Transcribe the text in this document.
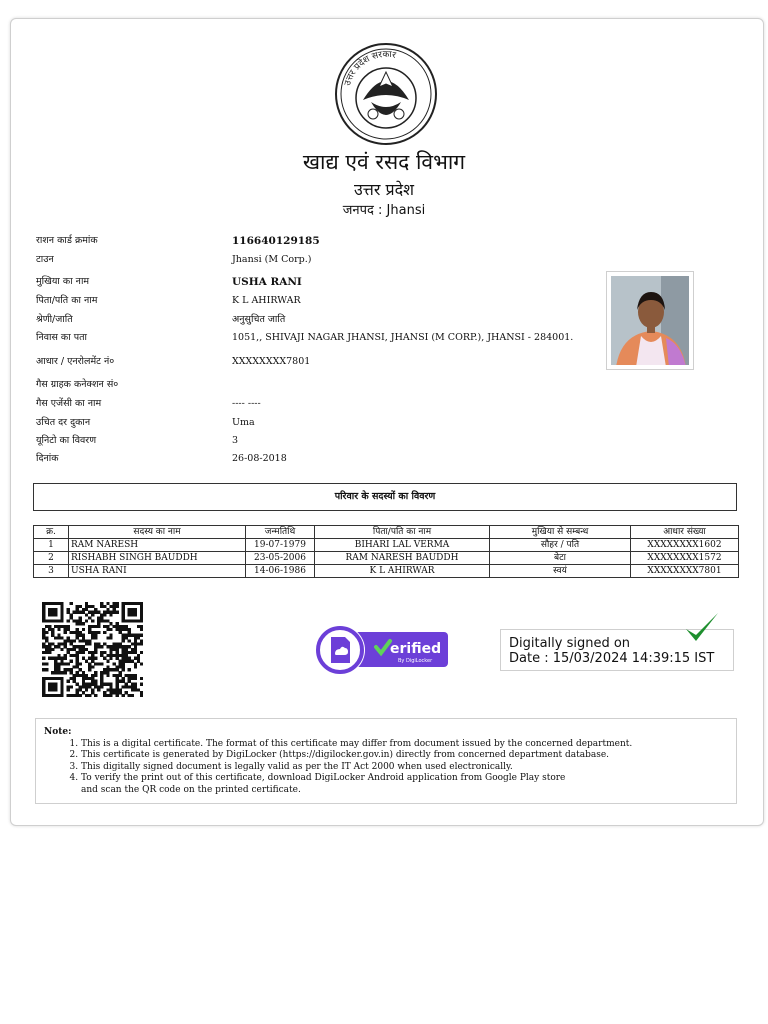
उत्तर प्रदेश सरकार
खाद्य एवं रसद विभाग
उत्तर प्रदेश
जनपद : Jhansi
राशन कार्ड क्रमांक	116640129185
टाउन	Jhansi (M Corp.)
मुखिया का नाम	USHA RANI
पिता/पति का नाम	K L AHIRWAR
श्रेणी/जाति	अनुसुचित जाति
निवास का पता	1051,, SHIVAJI NAGAR JHANSI, JHANSI (M CORP.), JHANSI - 284001.
आधार / एनरोलमेंट नं०	XXXXXXXX7801
गैस ग्राहक कनेक्शन सं०
गैस एजेंसी का नाम	---- ----
उचित दर दुकान	Uma
यूनिटो का विवरण	3
दिनांक	26-08-2018
परिवार के सदस्यों का विवरण
क्र.	सदस्य का नाम	जन्मतिथि	पिता/पति का नाम	मुखिया से सम्बन्ध	आधार संख्या
1	RAM NARESH	19-07-1979	BIHARI LAL VERMA	सौहर / पति	XXXXXXXX1602
2	RISHABH SINGH BAUDDH	23-05-2006	RAM NARESH BAUDDH	बेटा	XXXXXXXX1572
3	USHA RANI	14-06-1986	K L AHIRWAR	स्वयं	XXXXXXXX7801
erified
By DigiLocker
Digitally signed on
Date : 15/03/2024 14:39:15 IST
Note:
1. This is a digital certificate. The format of this certificate may differ from document issued by the concerned department.
2. This certificate is generated by DigiLocker (https://digilocker.gov.in) directly from concerned department database.
3. This digitally signed document is legally valid as per the IT Act 2000 when used electronically.
4. To verify the print out of this certificate, download DigiLocker Android application from Google Play store
and scan the QR code on the printed certificate.
